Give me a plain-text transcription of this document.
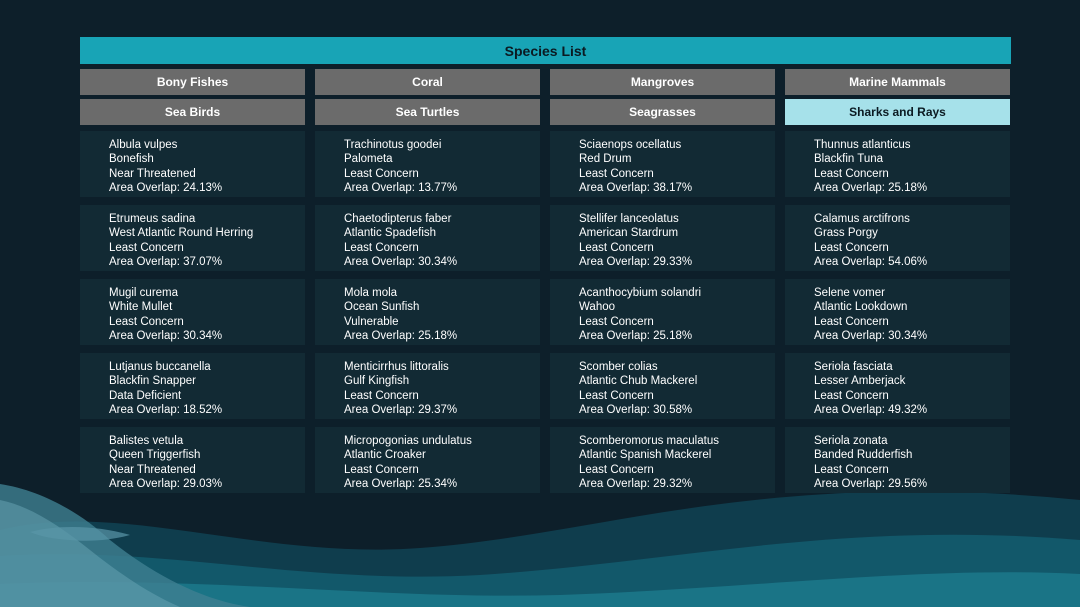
Species List
Bony Fishes	Coral	Mangroves	Marine Mammals
Sea Birds	Sea Turtles	Seagrasses	Sharks and Rays
Albula vulpes
Bonefish
Near Threatened
Area Overlap: 24.13%
Trachinotus goodei
Palometa
Least Concern
Area Overlap: 13.77%
Sciaenops ocellatus
Red Drum
Least Concern
Area Overlap: 38.17%
Thunnus atlanticus
Blackfin Tuna
Least Concern
Area Overlap: 25.18%
Etrumeus sadina
West Atlantic Round Herring
Least Concern
Area Overlap: 37.07%
Chaetodipterus faber
Atlantic Spadefish
Least Concern
Area Overlap: 30.34%
Stellifer lanceolatus
American Stardrum
Least Concern
Area Overlap: 29.33%
Calamus arctifrons
Grass Porgy
Least Concern
Area Overlap: 54.06%
Mugil curema
White Mullet
Least Concern
Area Overlap: 30.34%
Mola mola
Ocean Sunfish
Vulnerable
Area Overlap: 25.18%
Acanthocybium solandri
Wahoo
Least Concern
Area Overlap: 25.18%
Selene vomer
Atlantic Lookdown
Least Concern
Area Overlap: 30.34%
Lutjanus buccanella
Blackfin Snapper
Data Deficient
Area Overlap: 18.52%
Menticirrhus littoralis
Gulf Kingfish
Least Concern
Area Overlap: 29.37%
Scomber colias
Atlantic Chub Mackerel
Least Concern
Area Overlap: 30.58%
Seriola fasciata
Lesser Amberjack
Least Concern
Area Overlap: 49.32%
Balistes vetula
Queen Triggerfish
Near Threatened
Area Overlap: 29.03%
Micropogonias undulatus
Atlantic Croaker
Least Concern
Area Overlap: 25.34%
Scomberomorus maculatus
Atlantic Spanish Mackerel
Least Concern
Area Overlap: 29.32%
Seriola zonata
Banded Rudderfish
Least Concern
Area Overlap: 29.56%
